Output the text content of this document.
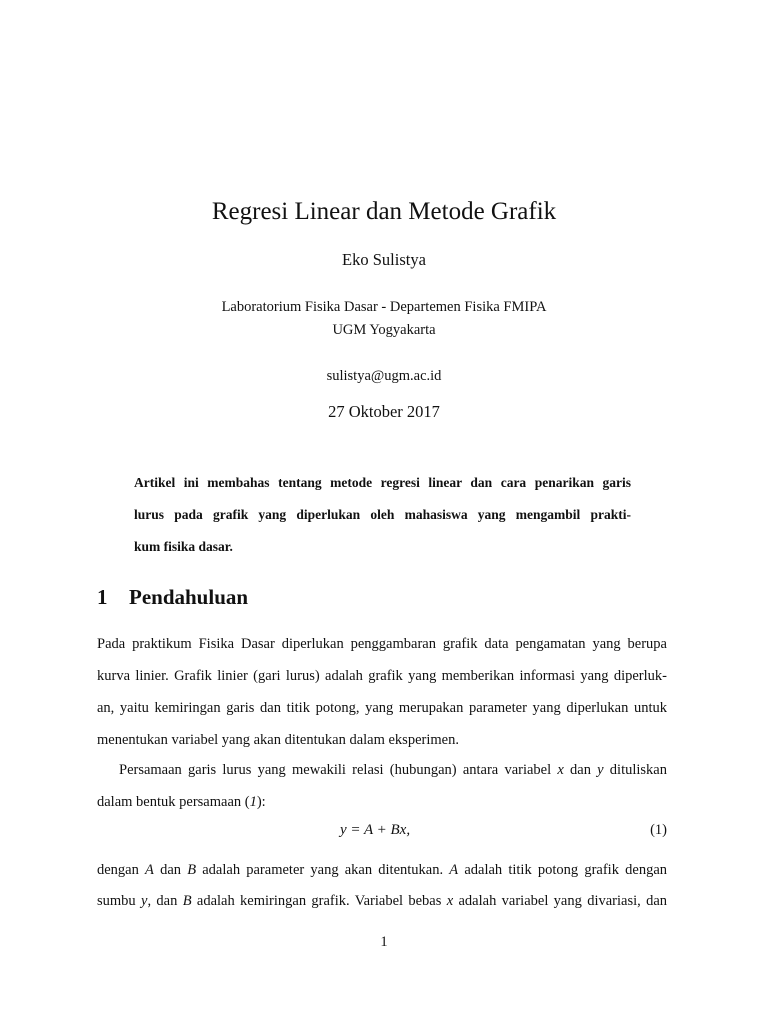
Regresi Linear dan Metode Grafik
Eko Sulistya
Laboratorium Fisika Dasar - Departemen Fisika FMIPA
UGM Yogyakarta
sulistya@ugm.ac.id
27 Oktober 2017
Artikel ini membahas tentang metode regresi linear dan cara penarikan garis
lurus pada grafik yang diperlukan oleh mahasiswa yang mengambil prakti-
kum fisika dasar.
1 Pendahuluan
Pada praktikum Fisika Dasar diperlukan penggambaran grafik data pengamatan yang berupa
kurva linier. Grafik linier (gari lurus) adalah grafik yang memberikan informasi yang diperluk-
an, yaitu kemiringan garis dan titik potong, yang merupakan parameter yang diperlukan untuk
menentukan variabel yang akan ditentukan dalam eksperimen.
Persamaan garis lurus yang mewakili relasi (hubungan) antara variabel x dan y dituliskan
dalam bentuk persamaan (1):
y = A + Bx,	(1)
dengan A dan B adalah parameter yang akan ditentukan. A adalah titik potong grafik dengan
sumbu y, dan B adalah kemiringan grafik. Variabel bebas x adalah variabel yang divariasi, dan
1
